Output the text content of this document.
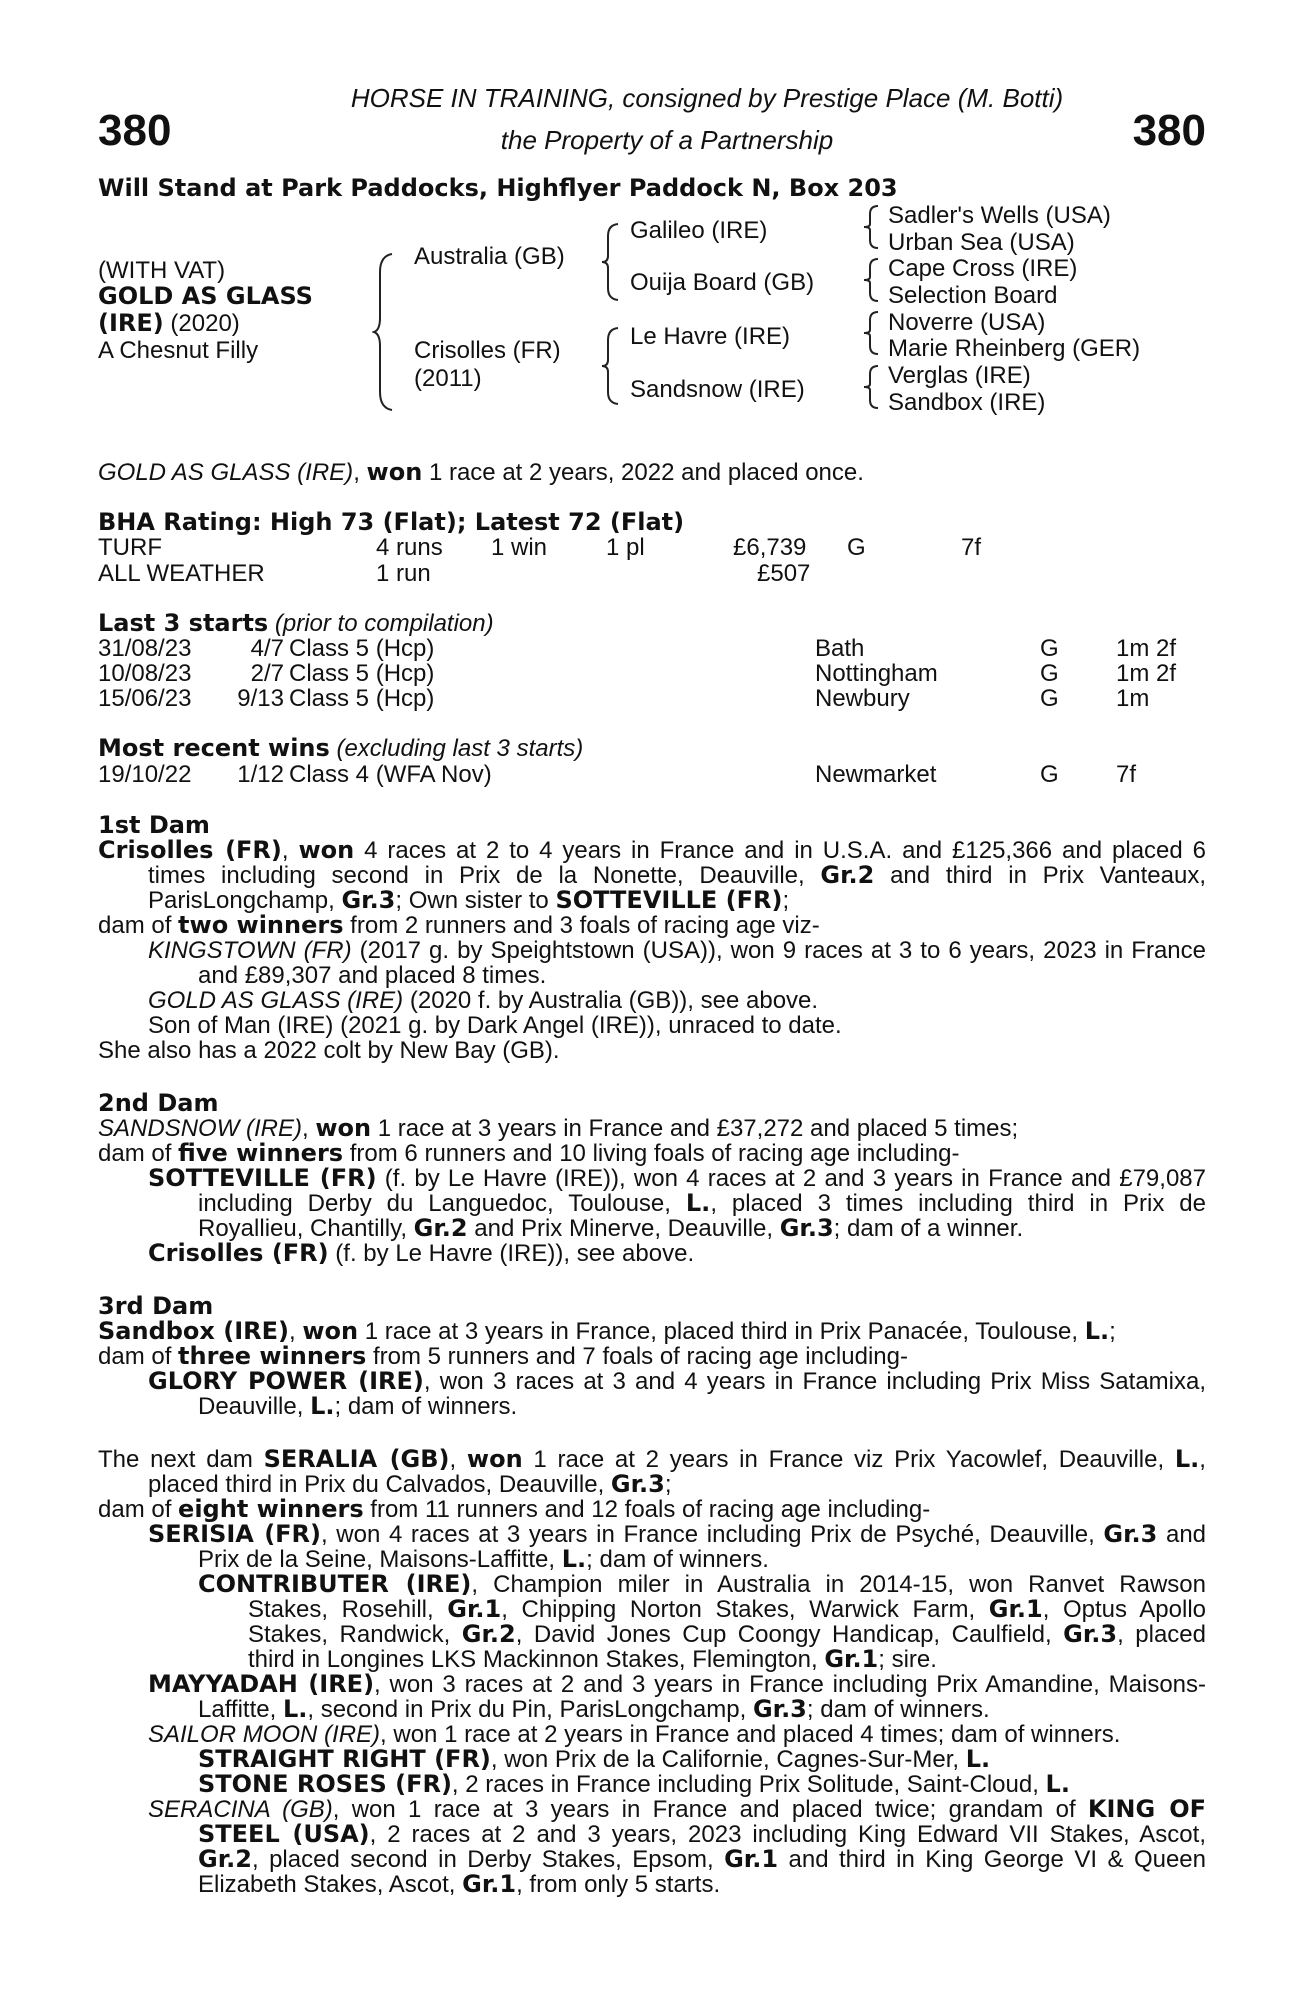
380	380
HORSE IN TRAINING, consigned by Prestige Place (M. Botti)
the Property of a Partnership
Will Stand at Park Paddocks, Highflyer Paddock N, Box 203
(WITH VAT)
GOLD AS GLASS
(IRE) (2020)
A Chesnut Filly
Australia (GB)
Crisolles (FR)
(2011)
Galileo (IRE)
Ouija Board (GB)
Le Havre (IRE)
Sandsnow (IRE)
Sadler's Wells (USA)
Urban Sea (USA)
Cape Cross (IRE)
Selection Board
Noverre (USA)
Marie Rheinberg (GER)
Verglas (IRE)
Sandbox (IRE)
GOLD AS GLASS (IRE), won 1 race at 2 years, 2022 and placed once.
BHA Rating: High 73 (Flat); Latest 72 (Flat)
TURF	4 runs 1 win 1 pl	£6,739 G	7f
ALL WEATHER	1 run	£507
Last 3 starts (prior to compilation)
31/08/23	4/7 Class 5 (Hcp)	Bath	G 1m 2f
10/08/23	2/7 Class 5 (Hcp)	Nottingham	G 1m 2f
15/06/23	9/13 Class 5 (Hcp)	Newbury	G 1m
Most recent wins (excluding last 3 starts)
19/10/22	1/12 Class 4 (WFA Nov)	Newmarket	G 7f
1st Dam

Crisolles (FR), won 4 races at 2 to 4 years in France and in U.S.A. and £125,366 and placed 6 times including second in Prix de la Nonette, Deauville, Gr.2 and third in Prix Vanteaux, ParisLongchamp, Gr.3; Own sister to SOTTEVILLE (FR);

dam of two winners from 2 runners and 3 foals of racing age viz-

KINGSTOWN (FR) (2017 g. by Speightstown (USA)), won 9 races at 3 to 6 years, 2023 in France and £89,307 and placed 8 times.

GOLD AS GLASS (IRE) (2020 f. by Australia (GB)), see above.

Son of Man (IRE) (2021 g. by Dark Angel (IRE)), unraced to date.

She also has a 2022 colt by New Bay (GB).

2nd Dam

SANDSNOW (IRE), won 1 race at 3 years in France and £37,272 and placed 5 times;

dam of five winners from 6 runners and 10 living foals of racing age including-

SOTTEVILLE (FR) (f. by Le Havre (IRE)), won 4 races at 2 and 3 years in France and £79,087 including Derby du Languedoc, Toulouse, L., placed 3 times including third in Prix de Royallieu, Chantilly, Gr.2 and Prix Minerve, Deauville, Gr.3; dam of a winner.

Crisolles (FR) (f. by Le Havre (IRE)), see above.

3rd Dam

Sandbox (IRE), won 1 race at 3 years in France, placed third in Prix Panacée, Toulouse, L.;

dam of three winners from 5 runners and 7 foals of racing age including-

GLORY POWER (IRE), won 3 races at 3 and 4 years in France including Prix Miss Satamixa, Deauville, L.; dam of winners.

The next dam SERALIA (GB), won 1 race at 2 years in France viz Prix Yacowlef, Deauville, L., placed third in Prix du Calvados, Deauville, Gr.3;

dam of eight winners from 11 runners and 12 foals of racing age including-

SERISIA (FR), won 4 races at 3 years in France including Prix de Psyché, Deauville, Gr.3 and Prix de la Seine, Maisons-Laffitte, L.; dam of winners.

CONTRIBUTER (IRE), Champion miler in Australia in 2014-15, won Ranvet Rawson Stakes, Rosehill, Gr.1, Chipping Norton Stakes, Warwick Farm, Gr.1, Optus Apollo Stakes, Randwick, Gr.2, David Jones Cup Coongy Handicap, Caulfield, Gr.3, placed third in Longines LKS Mackinnon Stakes, Flemington, Gr.1; sire.

MAYYADAH (IRE), won 3 races at 2 and 3 years in France including Prix Amandine, Maisons-Laffitte, L., second in Prix du Pin, ParisLongchamp, Gr.3; dam of winners.

SAILOR MOON (IRE), won 1 race at 2 years in France and placed 4 times; dam of winners.

STRAIGHT RIGHT (FR), won Prix de la Californie, Cagnes-Sur-Mer, L.

STONE ROSES (FR), 2 races in France including Prix Solitude, Saint-Cloud, L.

SERACINA (GB), won 1 race at 3 years in France and placed twice; grandam of KING OF STEEL (USA), 2 races at 2 and 3 years, 2023 including King Edward VII Stakes, Ascot, Gr.2, placed second in Derby Stakes, Epsom, Gr.1 and third in King George VI & Queen Elizabeth Stakes, Ascot, Gr.1, from only 5 starts.
